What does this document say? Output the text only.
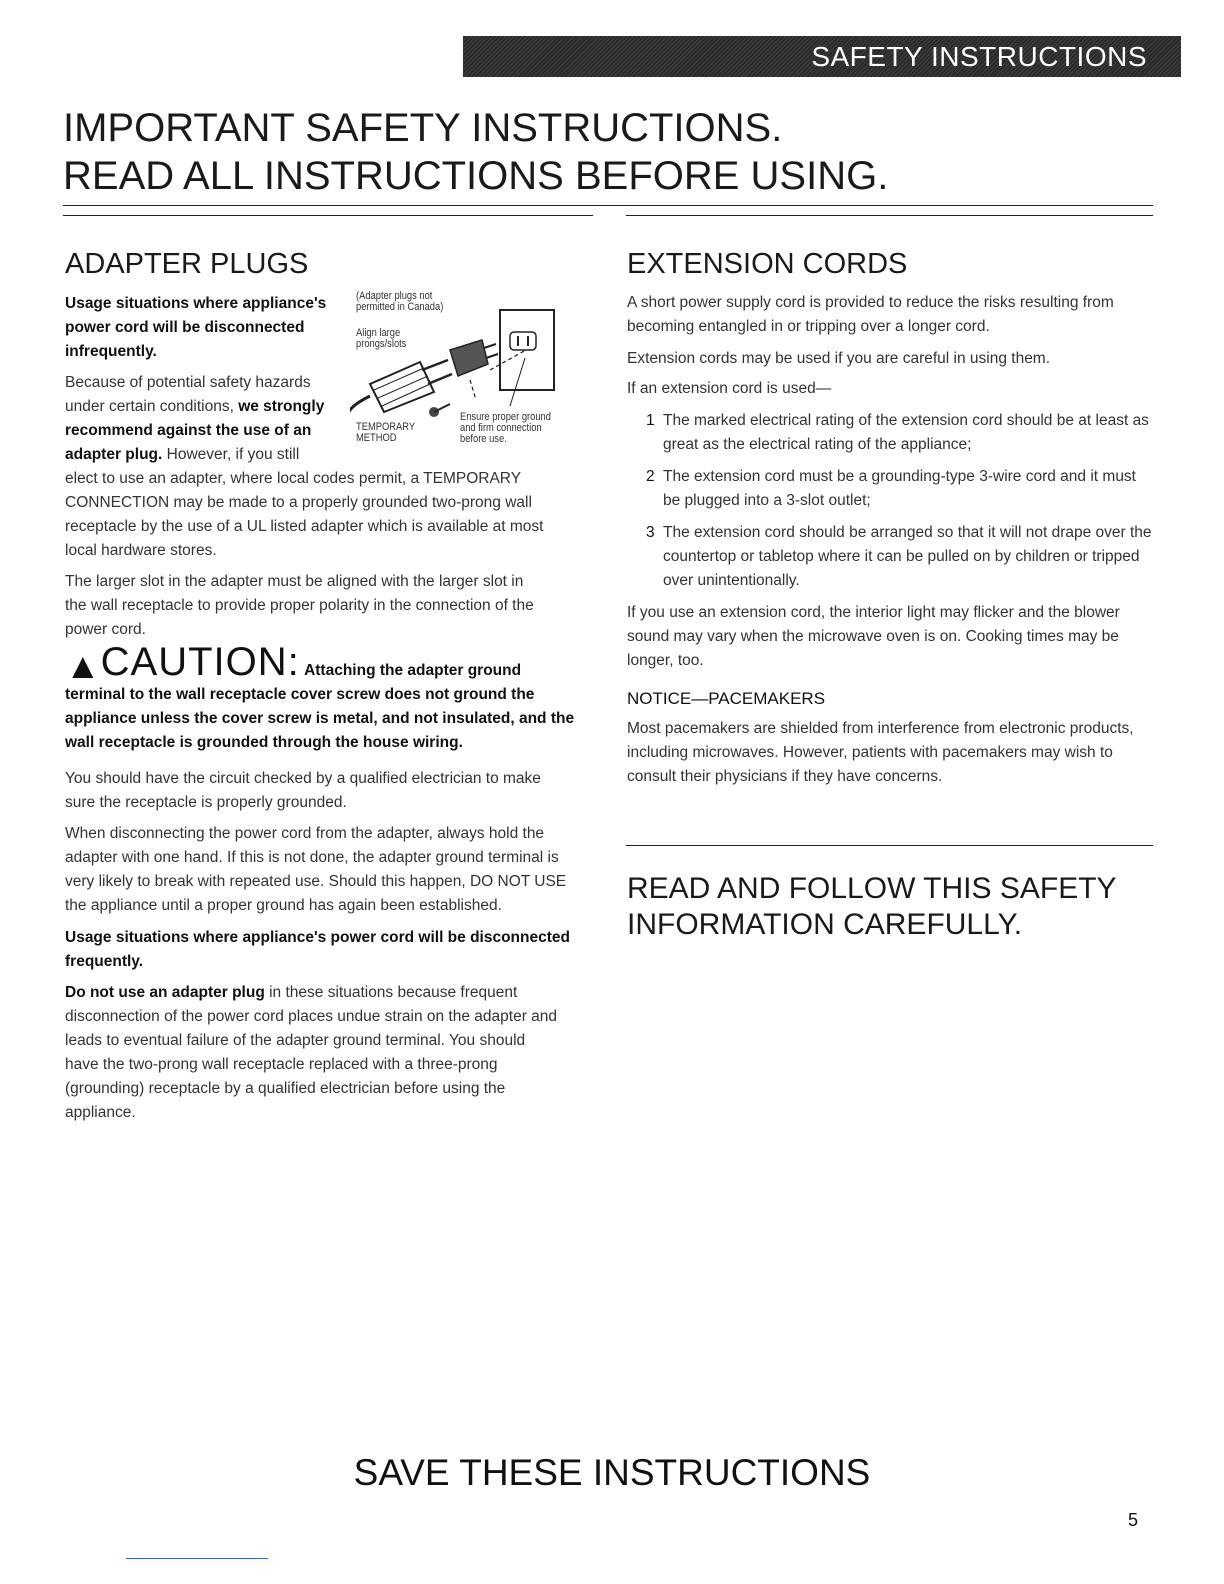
SAFETY INSTRUCTIONS
IMPORTANT SAFETY INSTRUCTIONS.
READ ALL INSTRUCTIONS BEFORE USING.
ADAPTER PLUGS
(Adapter plugs not
permitted in Canada)
Align large
prongs/slots
TEMPORARY
METHOD
Ensure proper ground
and firm connection
before use.

Usage situations where appliance's power cord will be disconnected infrequently.

Because of potential safety hazards under certain conditions, we strongly recommend against the use of an adapter plug. However, if you still elect to use an adapter, where local codes permit, a TEMPORARY CONNECTION may be made to a properly grounded two-prong wall receptacle by the use of a UL listed adapter which is available at most local hardware stores.

The larger slot in the adapter must be aligned with the larger slot in the wall receptacle to provide proper polarity in the connection of the power cord.

▲CAUTION: Attaching the adapter ground terminal to the wall receptacle cover screw does not ground the appliance unless the cover screw is metal, and not insulated, and the wall receptacle is grounded through the house wiring.

You should have the circuit checked by a qualified electrician to make sure the receptacle is properly grounded.

When disconnecting the power cord from the adapter, always hold the adapter with one hand. If this is not done, the adapter ground terminal is very likely to break with repeated use. Should this happen, DO NOT USE the appliance until a proper ground has again been established.

Usage situations where appliance's power cord will be disconnected frequently.

Do not use an adapter plug in these situations because frequent disconnection of the power cord places undue strain on the adapter and leads to eventual failure of the adapter ground terminal. You should have the two-prong wall receptacle replaced with a three-prong (grounding) receptacle by a qualified electrician before using the appliance.

EXTENSION CORDS

A short power supply cord is provided to reduce the risks resulting from becoming entangled in or tripping over a longer cord.

Extension cords may be used if you are careful in using them.

If an extension cord is used—

1 The marked electrical rating of the extension cord should be at least as great as the electrical rating of the appliance;
2 The extension cord must be a grounding-type 3-wire cord and it must be plugged into a 3-slot outlet;
3 The extension cord should be arranged so that it will not drape over the countertop or tabletop where it can be pulled on by children or tripped over unintentionally.

If you use an extension cord, the interior light may flicker and the blower sound may vary when the microwave oven is on. Cooking times may be longer, too.

NOTICE—PACEMAKERS

Most pacemakers are shielded from interference from electronic products, including microwaves. However, patients with pacemakers may wish to consult their physicians if they have concerns.

READ AND FOLLOW THIS SAFETY
INFORMATION CAREFULLY.
SAVE THESE INSTRUCTIONS
5
